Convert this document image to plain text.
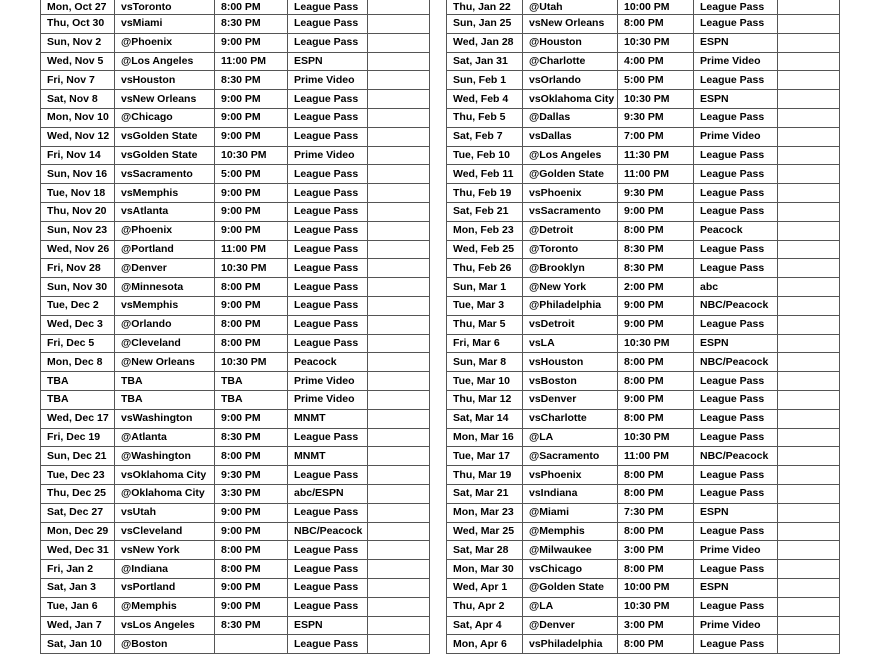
Mon, Oct 27	vsToronto	8:00 PM	League Pass	
Thu, Oct 30	vsMiami	8:30 PM	League Pass	
Sun, Nov 2	@Phoenix	9:00 PM	League Pass	
Wed, Nov 5	@Los Angeles	11:00 PM	ESPN	
Fri, Nov 7	vsHouston	8:30 PM	Prime Video	
Sat, Nov 8	vsNew Orleans	9:00 PM	League Pass	
Mon, Nov 10	@Chicago	9:00 PM	League Pass	
Wed, Nov 12	vsGolden State	9:00 PM	League Pass	
Fri, Nov 14	vsGolden State	10:30 PM	Prime Video	
Sun, Nov 16	vsSacramento	5:00 PM	League Pass	
Tue, Nov 18	vsMemphis	9:00 PM	League Pass	
Thu, Nov 20	vsAtlanta	9:00 PM	League Pass	
Sun, Nov 23	@Phoenix	9:00 PM	League Pass	
Wed, Nov 26	@Portland	11:00 PM	League Pass	
Fri, Nov 28	@Denver	10:30 PM	League Pass	
Sun, Nov 30	@Minnesota	8:00 PM	League Pass	
Tue, Dec 2	vsMemphis	9:00 PM	League Pass	
Wed, Dec 3	@Orlando	8:00 PM	League Pass	
Fri, Dec 5	@Cleveland	8:00 PM	League Pass	
Mon, Dec 8	@New Orleans	10:30 PM	Peacock	
TBA	TBA	TBA	Prime Video	
TBA	TBA	TBA	Prime Video	
Wed, Dec 17	vsWashington	9:00 PM	MNMT	
Fri, Dec 19	@Atlanta	8:30 PM	League Pass	
Sun, Dec 21	@Washington	8:00 PM	MNMT	
Tue, Dec 23	vsOklahoma City	9:30 PM	League Pass	
Thu, Dec 25	@Oklahoma City	3:30 PM	abc/ESPN	
Sat, Dec 27	vsUtah	9:00 PM	League Pass	
Mon, Dec 29	vsCleveland	9:00 PM	NBC/Peacock	
Wed, Dec 31	vsNew York	8:00 PM	League Pass	
Fri, Jan 2	@Indiana	8:00 PM	League Pass	
Sat, Jan 3	vsPortland	9:00 PM	League Pass	
Tue, Jan 6	@Memphis	9:00 PM	League Pass	
Wed, Jan 7	vsLos Angeles	8:30 PM	ESPN	
Sat, Jan 10	@Boston		League Pass	
Thu, Jan 22	@Utah	10:00 PM	League Pass	
Sun, Jan 25	vsNew Orleans	8:00 PM	League Pass	
Wed, Jan 28	@Houston	10:30 PM	ESPN	
Sat, Jan 31	@Charlotte	4:00 PM	Prime Video	
Sun, Feb 1	vsOrlando	5:00 PM	League Pass	
Wed, Feb 4	vsOklahoma City	10:30 PM	ESPN	
Thu, Feb 5	@Dallas	9:30 PM	League Pass	
Sat, Feb 7	vsDallas	7:00 PM	Prime Video	
Tue, Feb 10	@Los Angeles	11:30 PM	League Pass	
Wed, Feb 11	@Golden State	11:00 PM	League Pass	
Thu, Feb 19	vsPhoenix	9:30 PM	League Pass	
Sat, Feb 21	vsSacramento	9:00 PM	League Pass	
Mon, Feb 23	@Detroit	8:00 PM	Peacock	
Wed, Feb 25	@Toronto	8:30 PM	League Pass	
Thu, Feb 26	@Brooklyn	8:30 PM	League Pass	
Sun, Mar 1	@New York	2:00 PM	abc	
Tue, Mar 3	@Philadelphia	9:00 PM	NBC/Peacock	
Thu, Mar 5	vsDetroit	9:00 PM	League Pass	
Fri, Mar 6	vsLA	10:30 PM	ESPN	
Sun, Mar 8	vsHouston	8:00 PM	NBC/Peacock	
Tue, Mar 10	vsBoston	8:00 PM	League Pass	
Thu, Mar 12	vsDenver	9:00 PM	League Pass	
Sat, Mar 14	vsCharlotte	8:00 PM	League Pass	
Mon, Mar 16	@LA	10:30 PM	League Pass	
Tue, Mar 17	@Sacramento	11:00 PM	NBC/Peacock	
Thu, Mar 19	vsPhoenix	8:00 PM	League Pass	
Sat, Mar 21	vsIndiana	8:00 PM	League Pass	
Mon, Mar 23	@Miami	7:30 PM	ESPN	
Wed, Mar 25	@Memphis	8:00 PM	League Pass	
Sat, Mar 28	@Milwaukee	3:00 PM	Prime Video	
Mon, Mar 30	vsChicago	8:00 PM	League Pass	
Wed, Apr 1	@Golden State	10:00 PM	ESPN	
Thu, Apr 2	@LA	10:30 PM	League Pass	
Sat, Apr 4	@Denver	3:00 PM	Prime Video	
Mon, Apr 6	vsPhiladelphia	8:00 PM	League Pass	
